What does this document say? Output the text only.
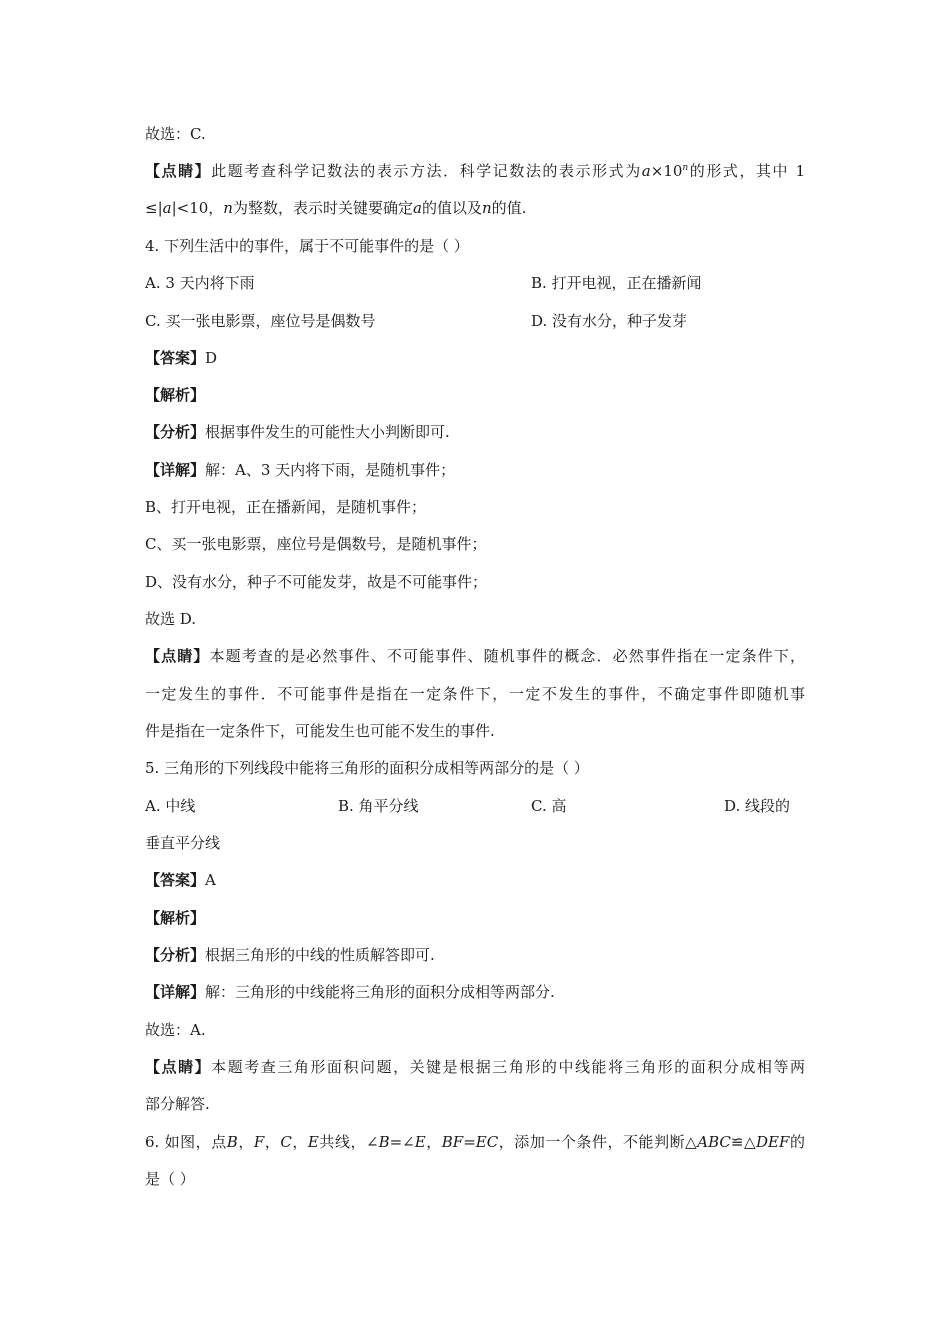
故选：C.
【点睛】此题考查科学记数法的表示方法．科学记数法的表示形式为$a\times 10^n$的形式，其中 1
≤|a|<10，n为整数，表示时关键要确定a的值以及n的值.
4. 下列生活中的事件，属于不可能事件的是（ ）
A. 3 天内将下雨	B. 打开电视，正在播新闻
C. 买一张电影票，座位号是偶数号	D. 没有水分，种子发芽
【答案】D
【解析】
【分析】根据事件发生的可能性大小判断即可.
【详解】解：A、3 天内将下雨，是随机事件；
B、打开电视，正在播新闻，是随机事件；
C、买一张电影票，座位号是偶数号，是随机事件；
D、没有水分，种子不可能发芽，故是不可能事件；
故选 D.
【点睛】本题考查的是必然事件、不可能事件、随机事件的概念．必然事件指在一定条件下，
一定发生的事件．不可能事件是指在一定条件下，一定不发生的事件，不确定事件即随机事
件是指在一定条件下，可能发生也可能不发生的事件.
5. 三角形的下列线段中能将三角形的面积分成相等两部分的是（ ）
A. 中线	B. 角平分线	C. 高	D. 线段的
垂直平分线
【答案】A
【解析】
【分析】根据三角形的中线的性质解答即可.
【详解】解：三角形的中线能将三角形的面积分成相等两部分.
故选：A.
【点睛】本题考查三角形面积问题，关键是根据三角形的中线能将三角形的面积分成相等两
部分解答.
6. 如图，点B，F，C，E共线，∠B=∠E，BF=EC，添加一个条件，不能判断△ABC≌△DEF的
是（ ）
